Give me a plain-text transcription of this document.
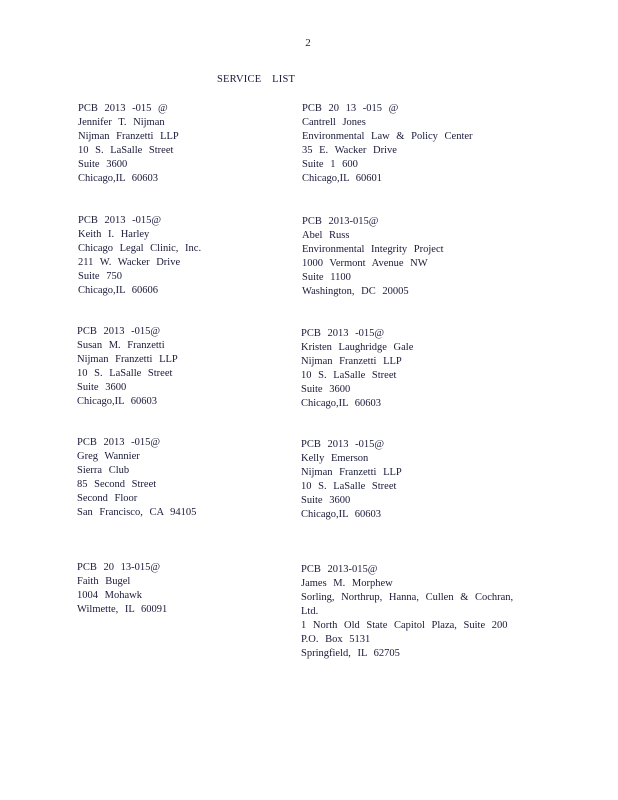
2
SERVICE LIST
PCB 2013 -015 @
Jennifer T. Nijman
Nijman Franzetti LLP
10 S. LaSalle Street
Suite 3600
Chicago,IL 60603
PCB 20 13 -015 @
Cantrell Jones
Environmental Law & Policy Center
35 E. Wacker Drive
Suite 1 600
Chicago,IL 60601
PCB 2013 -015@
Keith I. Harley
Chicago Legal Clinic, Inc.
211 W. Wacker Drive
Suite 750
Chicago,IL 60606
PCB 2013-015@
Abel Russ
Environmental Integrity Project
1000 Vermont Avenue NW
Suite 1100
Washington, DC 20005
PCB 2013 -015@
Susan M. Franzetti
Nijman Franzetti LLP
10 S. LaSalle Street
Suite 3600
Chicago,IL 60603
PCB 2013 -015@
Kristen Laughridge Gale
Nijman Franzetti LLP
10 S. LaSalle Street
Suite 3600
Chicago,IL 60603
PCB 2013 -015@
Greg Wannier
Sierra Club
85 Second Street
Second Floor
San Francisco, CA 94105
PCB 2013 -015@
Kelly Emerson
Nijman Franzetti LLP
10 S. LaSalle Street
Suite 3600
Chicago,IL 60603
PCB 20 13-015@
Faith Bugel
1004 Mohawk
Wilmette, IL 60091
PCB 2013-015@
James M. Morphew
Sorling, Northrup, Hanna, Cullen & Cochran,
Ltd.
1 North Old State Capitol Plaza, Suite 200
P.O. Box 5131
Springfield, IL 62705
